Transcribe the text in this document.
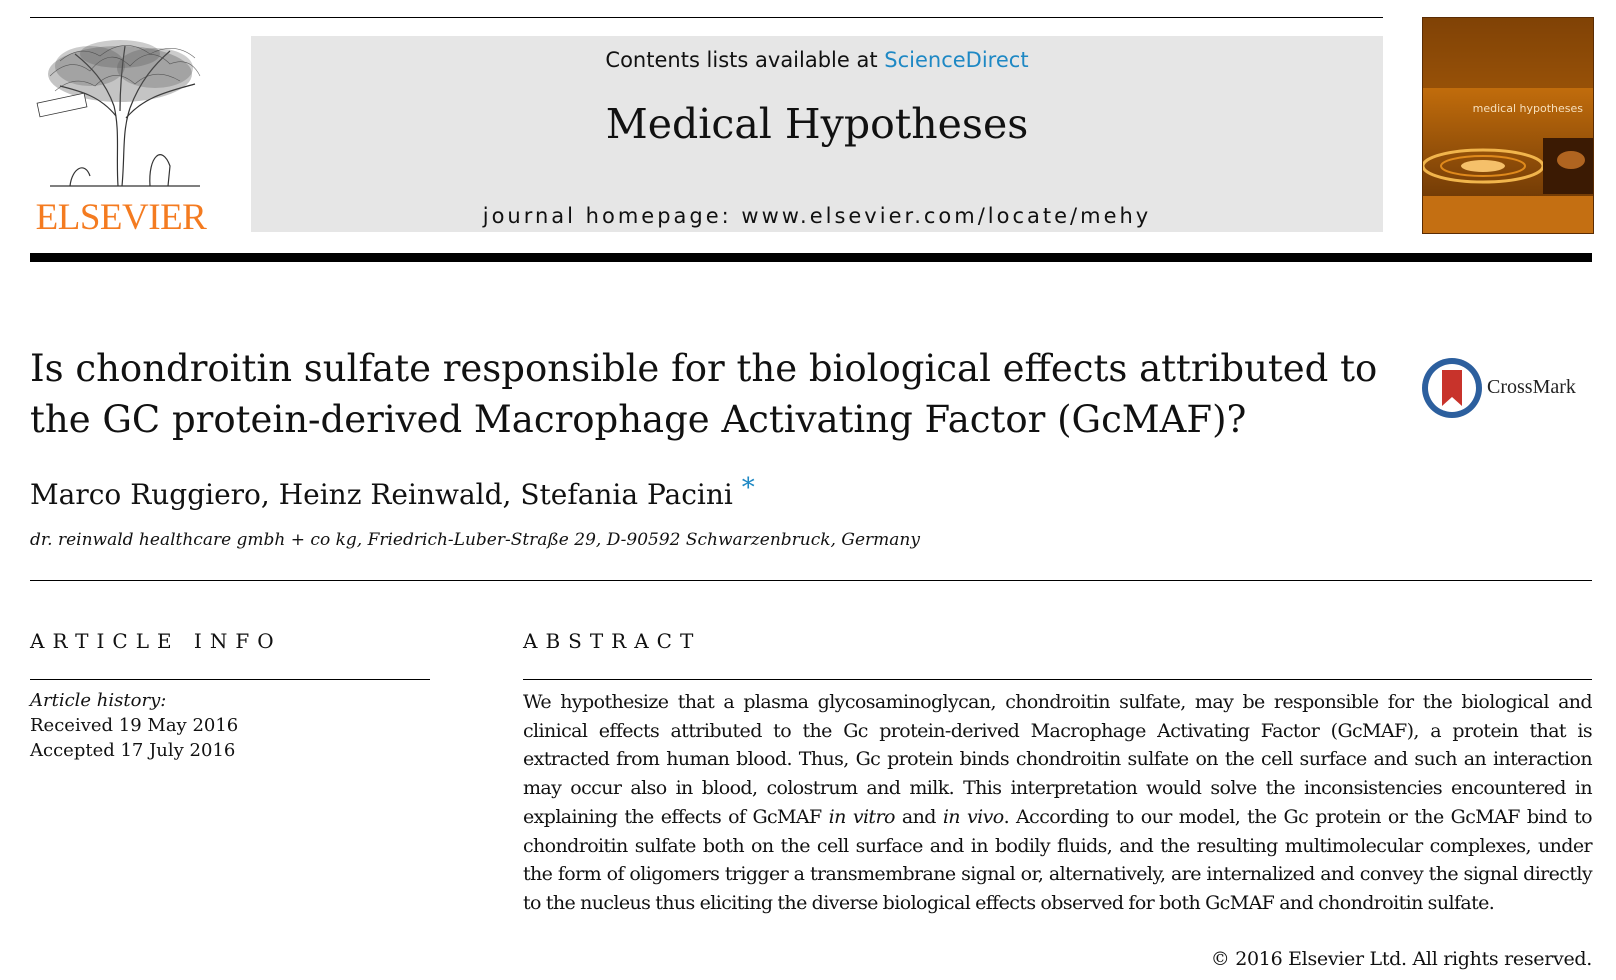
ELSEVIER
Contents lists available at ScienceDirect
Medical Hypotheses
journal homepage: www.elsevier.com/locate/mehy
medical hypotheses
Is chondroitin sulfate responsible for the biological effects attributed to the GC protein-derived Macrophage Activating Factor (GcMAF)?
CrossMark
Marco Ruggiero, Heinz Reinwald, Stefania Pacini *
dr. reinwald healthcare gmbh + co kg, Friedrich-Luber-Straße 29, D-90592 Schwarzenbruck, Germany
ARTICLE INFO
Article history:
Received 19 May 2016
Accepted 17 July 2016
ABSTRACT

We hypothesize that a plasma glycosaminoglycan, chondroitin sulfate, may be responsible for the biological and clinical effects attributed to the Gc protein-derived Macrophage Activating Factor (GcMAF), a protein that is extracted from human blood. Thus, Gc protein binds chondroitin sulfate on the cell surface and such an interaction may occur also in blood, colostrum and milk. This interpretation would solve the inconsistencies encountered in explaining the effects of GcMAF in vitro and in vivo. According to our model, the Gc protein or the GcMAF bind to chondroitin sulfate both on the cell surface and in bodily fluids, and the resulting multimolecular complexes, under the form of oligomers trigger a transmembrane signal or, alternatively, are internalized and convey the signal directly to the nucleus thus eliciting the diverse biological effects observed for both GcMAF and chondroitin sulfate.

© 2016 Elsevier Ltd. All rights reserved.
